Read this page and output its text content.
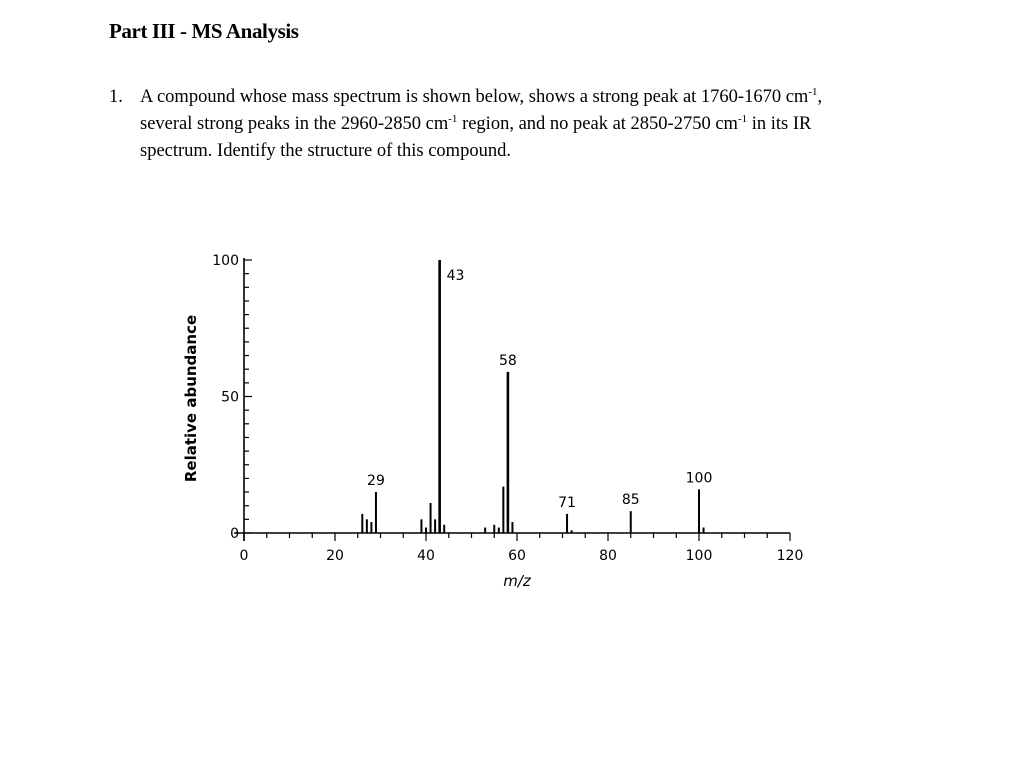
Part III - MS Analysis
1. A compound whose mass spectrum is shown below, shows a strong peak at 1760-1670 $cm^{-1}$,
several strong peaks in the 2960-2850 $cm^{-1}$ region, and no peak at 2850-2750 $cm^{-1}$ in its IR
spectrum. Identify the structure of this compound.
0	20	40	60	80	100	120
0
50
100
m/z
Relative abundance	29
43
58
71	85
100
